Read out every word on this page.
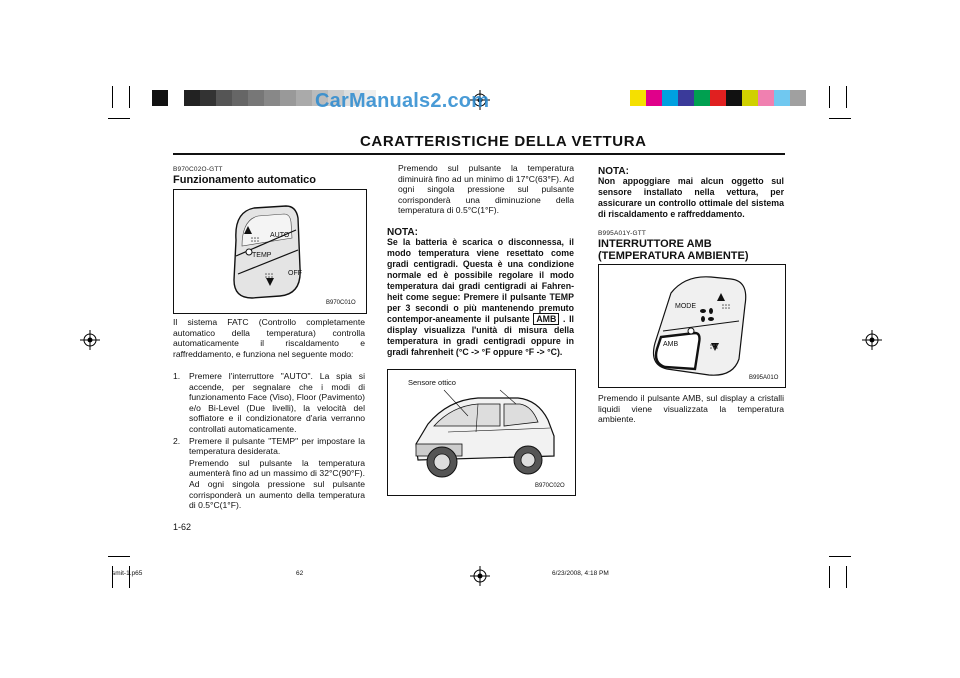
CarManuals2.com
CARATTERISTICHE DELLA VETTURA
B970C02O-GTT
Funzionamento automatico
AUTO
TEMP
OFF
B970C01O
Il sistema FATC (Controllo completamente automatico della temperatura) controlla automaticamente il riscaldamento e raffreddamento, e funziona nel seguente modo:
1. Premere l'interruttore "AUTO". La spia si accende, per segnalare che i modi di funzionamento Face (Viso), Floor (Pavimento) e/o Bi-Level (Due livelli), la velocità del soffiatore e il condizionatore d'aria verranno controllati automaticamente.
2. Premere il pulsante "TEMP" per impostare la temperatura desiderata.
Premendo sul pulsante la temperatura aumenterà fino ad un massimo di 32°C(90°F). Ad ogni singola pressione sul pulsante corrisponderà un aumento della temperatura di 0.5°C(1°F).
Premendo sul pulsante la temperatura diminuirà fino ad un minimo di 17°C(63°F). Ad ogni singola pressione sul pulsante corrisponderà una diminuzione della temperatura di 0.5°C(1°F).
NOTA:
Se la batteria è scarica o disconnessa, il modo temperatura viene resettato come gradi centigradi. Questa è una condizione normale ed è possibile regolare il modo temperatura dai gradi centigradi ai Fahren-heit come segue: Premere il pulsante TEMP per 3 secondi o più mantenendo premuto contempor-aneamente il pulsante AMB . Il display visualizza l'unità di misura della temperatura in gradi centigradi oppure in gradi fahrenheit (°C -> °F oppure °F -> °C).
Sensore ottico
B970C02O
NOTA:
Non appoggiare mai alcun oggetto sul sensore installato nella vettura, per assicurare un controllo ottimale del sistema di riscaldamento e raffreddamento.
B995A01Y-GTT
INTERRUTTORE AMB
(TEMPERATURA AMBIENTE)
MODE
AMB
B995A01O
Premendo il pulsante AMB, sul display a cristalli liquidi viene visualizzata la temperatura ambiente.
1-62
smit-1.p65	62	6/23/2008, 4:18 PM
